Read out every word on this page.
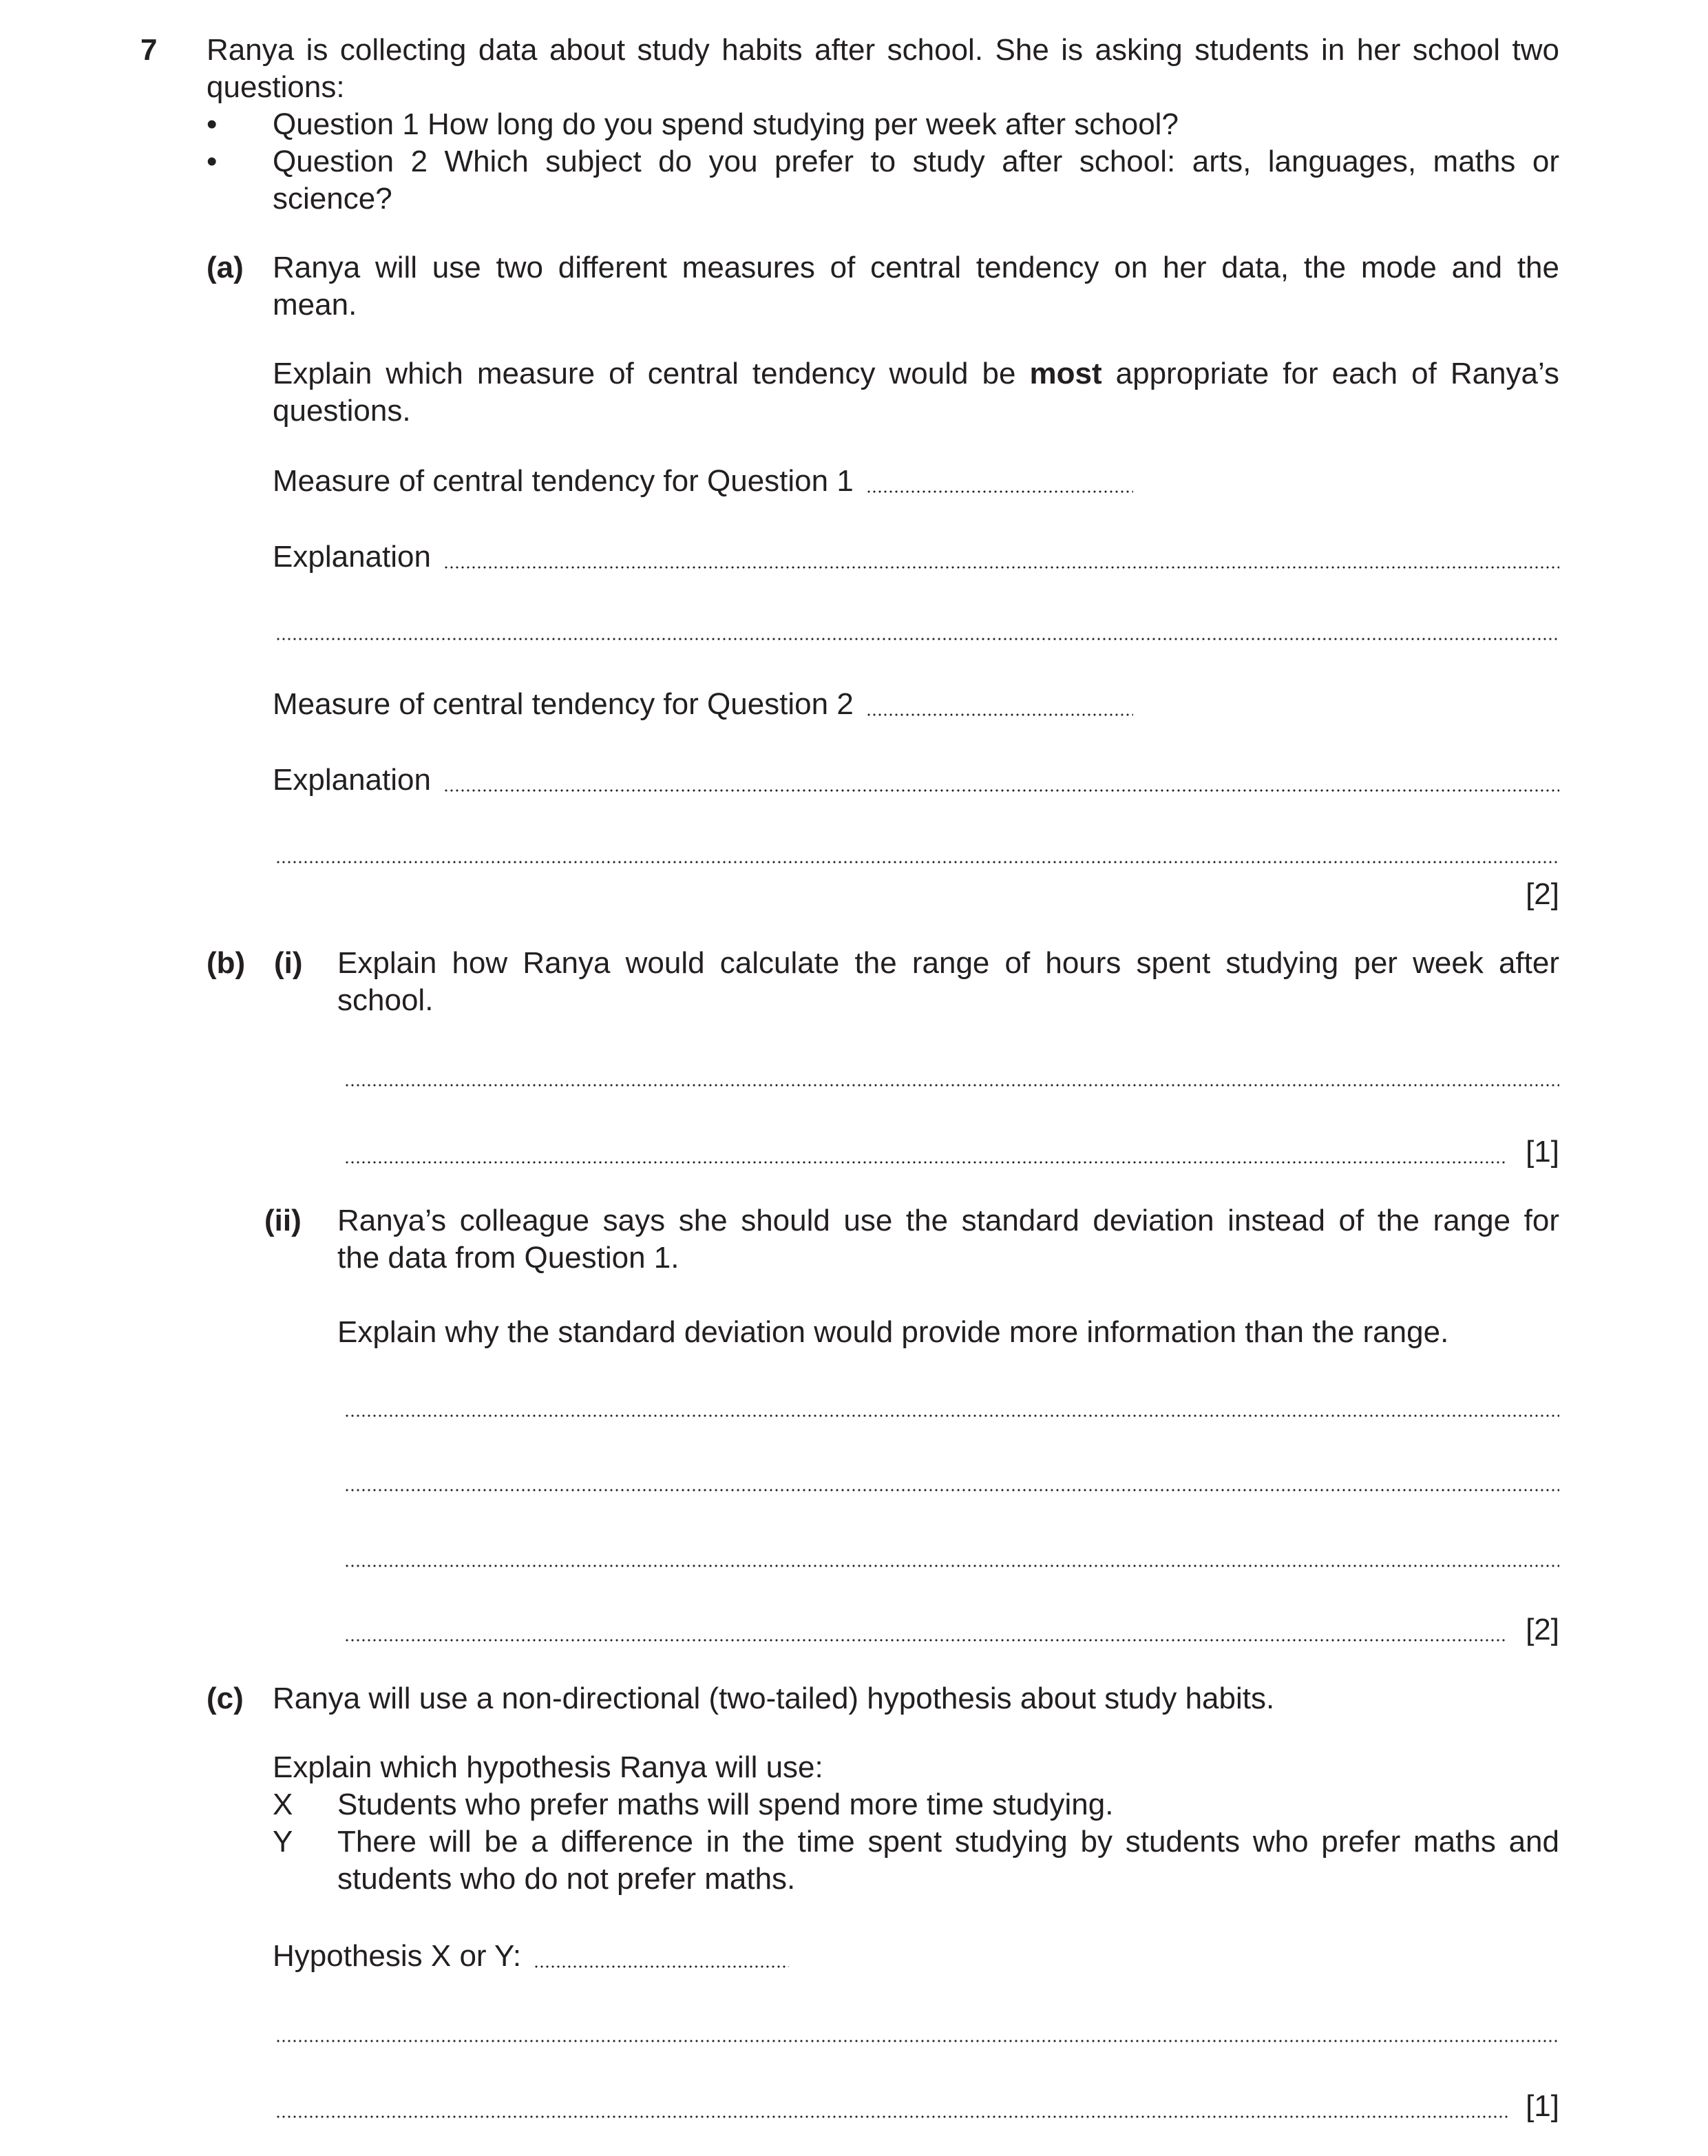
7 Ranya is collecting data about study habits after school. She is asking students in her school two
questions:
• Question 1 How long do you spend studying per week after school?
• Question 2 Which subject do you prefer to study after school: arts, languages, maths or
science?
(a) Ranya will use two different measures of central tendency on her data, the mode and the
mean.
Explain which measure of central tendency would be most appropriate for each of Ranya’s
questions.
Measure of central tendency for Question 1
Explanation
Measure of central tendency for Question 2
Explanation
[2]
(b) (i) Explain how Ranya would calculate the range of hours spent studying per week after
school.
[1]
(ii) Ranya’s colleague says she should use the standard deviation instead of the range for
the data from Question 1.
Explain why the standard deviation would provide more information than the range.
[2]
(c) Ranya will use a non-directional (two-tailed) hypothesis about study habits.
Explain which hypothesis Ranya will use:
X Students who prefer maths will spend more time studying.
Y There will be a difference in the time spent studying by students who prefer maths and
students who do not prefer maths.
Hypothesis X or Y:
[1]
